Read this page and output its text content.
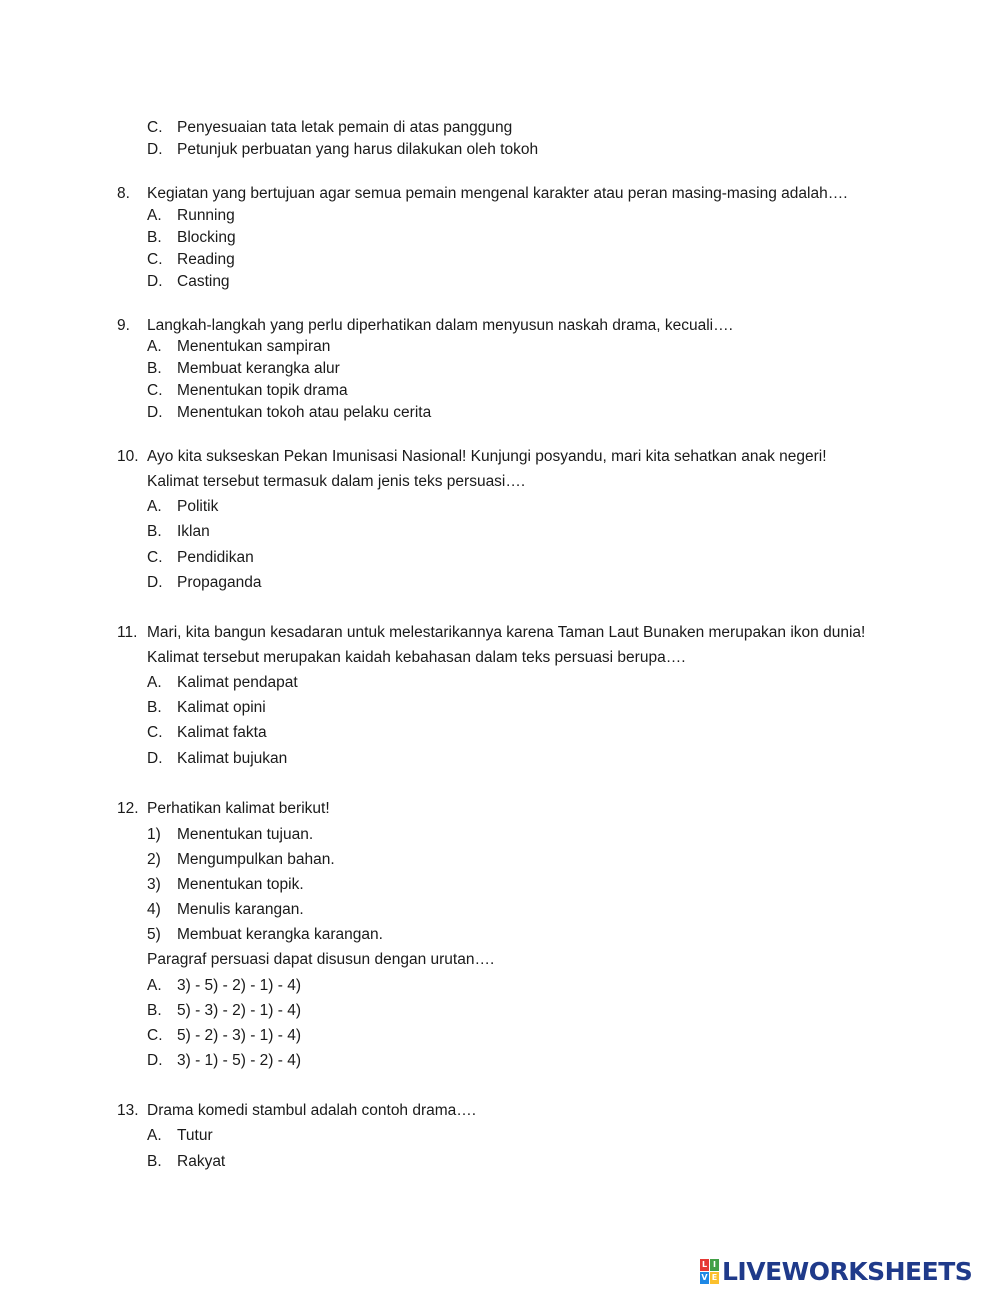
C. Penyesuaian tata letak pemain di atas panggung
D. Petunjuk perbuatan yang harus dilakukan oleh tokoh
8. Kegiatan yang bertujuan agar semua pemain mengenal karakter atau peran masing-masing adalah….
A. Running
B. Blocking
C. Reading
D. Casting
9. Langkah-langkah yang perlu diperhatikan dalam menyusun naskah drama, kecuali….
A. Menentukan sampiran
B. Membuat kerangka alur
C. Menentukan topik drama
D. Menentukan tokoh atau pelaku cerita
10. Ayo kita sukseskan Pekan Imunisasi Nasional! Kunjungi posyandu, mari kita sehatkan anak negeri!
Kalimat tersebut termasuk dalam jenis teks persuasi….
A. Politik
B. Iklan
C. Pendidikan
D. Propaganda
11. Mari, kita bangun kesadaran untuk melestarikannya karena Taman Laut Bunaken merupakan ikon dunia!
Kalimat tersebut merupakan kaidah kebahasan dalam teks persuasi berupa….
A. Kalimat pendapat
B. Kalimat opini
C. Kalimat fakta
D. Kalimat bujukan
12. Perhatikan kalimat berikut!
1) Menentukan tujuan.
2) Mengumpulkan bahan.
3) Menentukan topik.
4) Menulis karangan.
5) Membuat kerangka karangan.
Paragraf persuasi dapat disusun dengan urutan….
A. 3) - 5) - 2) - 1) - 4)
B. 5) - 3) - 2) - 1) - 4)
C. 5) - 2) - 3) - 1) - 4)
D. 3) - 1) - 5) - 2) - 4)
13. Drama komedi stambul adalah contoh drama….
A. Tutur
B. Rakyat
L I
V E LIVEWORKSHEETS
